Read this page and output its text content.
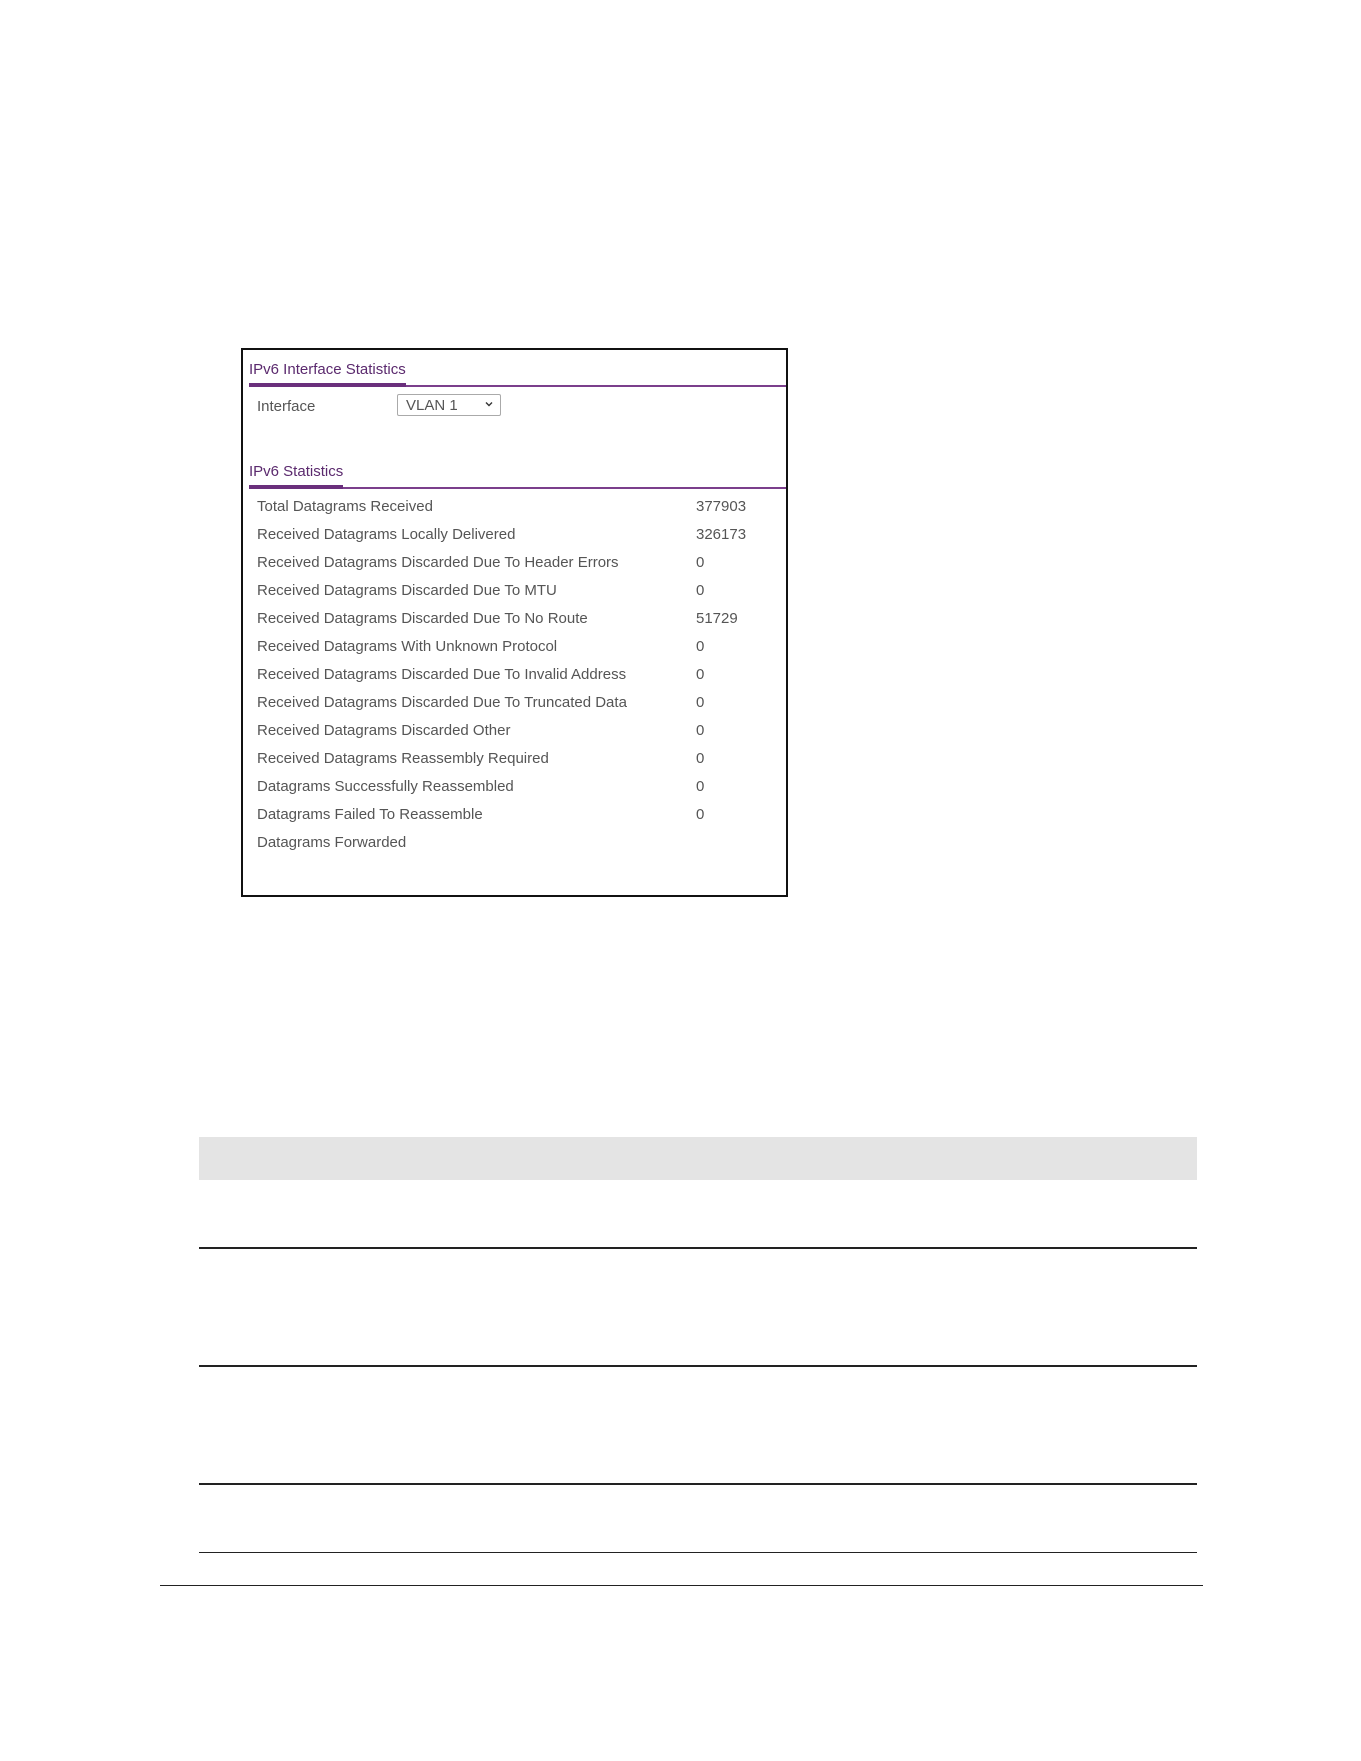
IPv6 Interface Statistics
Interface	VLAN 1
IPv6 Statistics
Total Datagrams Received	377903
Received Datagrams Locally Delivered	326173
Received Datagrams Discarded Due To Header Errors	0
Received Datagrams Discarded Due To MTU	0
Received Datagrams Discarded Due To No Route	51729
Received Datagrams With Unknown Protocol	0
Received Datagrams Discarded Due To Invalid Address	0
Received Datagrams Discarded Due To Truncated Data	0
Received Datagrams Discarded Other	0
Received Datagrams Reassembly Required	0
Datagrams Successfully Reassembled	0
Datagrams Failed To Reassemble	0
Datagrams Forwarded
